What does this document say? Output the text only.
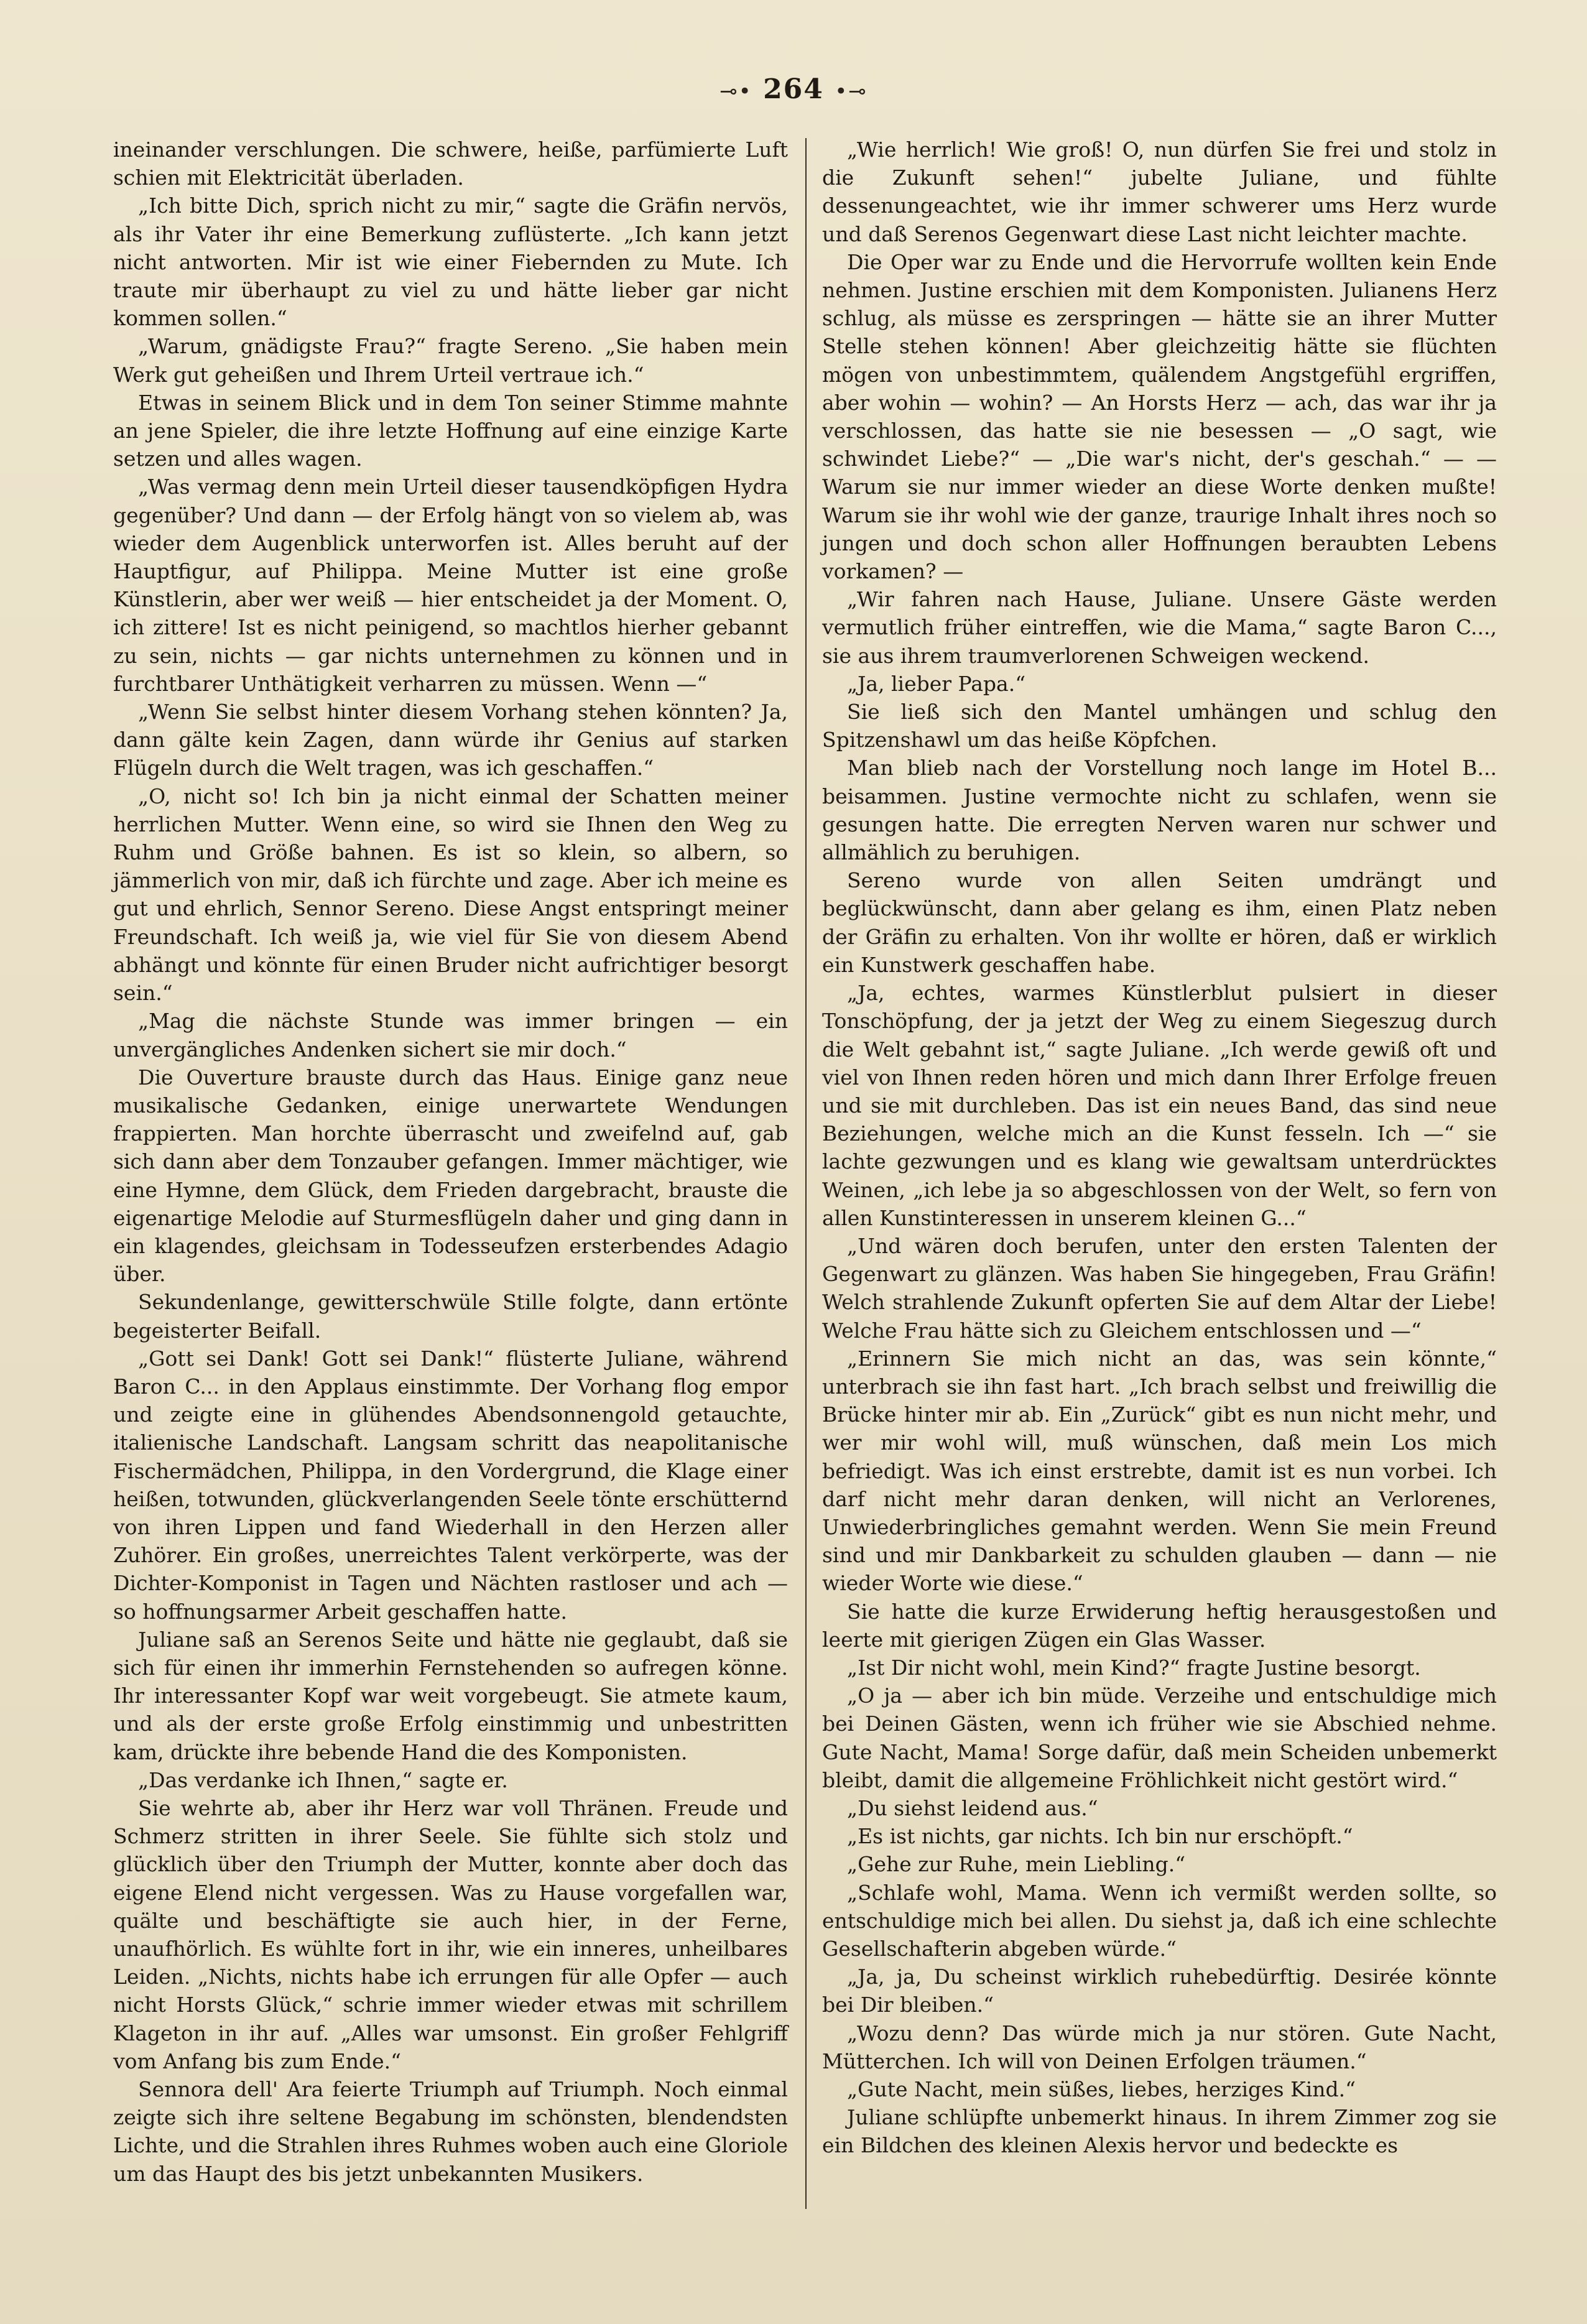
⊸• 264 •⊸

ineinander verschlungen. Die schwere, heiße, parfümierte Luft schien mit Elektricität überladen.

„Ich bitte Dich, sprich nicht zu mir,“ sagte die Gräfin nervös, als ihr Vater ihr eine Bemerkung zuflüsterte. „Ich kann jetzt nicht antworten. Mir ist wie einer Fiebernden zu Mute. Ich traute mir überhaupt zu viel zu und hätte lieber gar nicht kommen sollen.“

„Warum, gnädigste Frau?“ fragte Sereno. „Sie haben mein Werk gut geheißen und Ihrem Urteil vertraue ich.“

Etwas in seinem Blick und in dem Ton seiner Stimme mahnte an jene Spieler, die ihre letzte Hoffnung auf eine einzige Karte setzen und alles wagen.

„Was vermag denn mein Urteil dieser tausendköpfigen Hydra gegenüber? Und dann — der Erfolg hängt von so vielem ab, was wieder dem Augenblick unterworfen ist. Alles beruht auf der Hauptfigur, auf Philippa. Meine Mutter ist eine große Künstlerin, aber wer weiß — hier entscheidet ja der Moment. O, ich zittere! Ist es nicht peinigend, so machtlos hierher gebannt zu sein, nichts — gar nichts unternehmen zu können und in furchtbarer Unthätigkeit verharren zu müssen. Wenn —“

„Wenn Sie selbst hinter diesem Vorhang stehen könnten? Ja, dann gälte kein Zagen, dann würde ihr Genius auf starken Flügeln durch die Welt tragen, was ich geschaffen.“

„O, nicht so! Ich bin ja nicht einmal der Schatten meiner herrlichen Mutter. Wenn eine, so wird sie Ihnen den Weg zu Ruhm und Größe bahnen. Es ist so klein, so albern, so jämmerlich von mir, daß ich fürchte und zage. Aber ich meine es gut und ehrlich, Sennor Sereno. Diese Angst entspringt meiner Freundschaft. Ich weiß ja, wie viel für Sie von diesem Abend abhängt und könnte für einen Bruder nicht aufrichtiger besorgt sein.“

„Mag die nächste Stunde was immer bringen — ein unvergängliches Andenken sichert sie mir doch.“

Die Ouverture brauste durch das Haus. Einige ganz neue musikalische Gedanken, einige unerwartete Wendungen frappierten. Man horchte überrascht und zweifelnd auf, gab sich dann aber dem Tonzauber gefangen. Immer mächtiger, wie eine Hymne, dem Glück, dem Frieden dargebracht, brauste die eigenartige Melodie auf Sturmesflügeln daher und ging dann in ein klagendes, gleichsam in Todesseufzen ersterbendes Adagio über.

Sekundenlange, gewitterschwüle Stille folgte, dann ertönte begeisterter Beifall.

„Gott sei Dank! Gott sei Dank!“ flüsterte Juliane, während Baron C... in den Applaus einstimmte. Der Vorhang flog empor und zeigte eine in glühendes Abendsonnengold getauchte, italienische Landschaft. Langsam schritt das neapolitanische Fischermädchen, Philippa, in den Vordergrund, die Klage einer heißen, totwunden, glückverlangenden Seele tönte erschütternd von ihren Lippen und fand Wiederhall in den Herzen aller Zuhörer. Ein großes, unerreichtes Talent verkörperte, was der Dichter-Komponist in Tagen und Nächten rastloser und ach — so hoffnungsarmer Arbeit geschaffen hatte.

Juliane saß an Serenos Seite und hätte nie geglaubt, daß sie sich für einen ihr immerhin Fernstehenden so aufregen könne. Ihr interessanter Kopf war weit vorgebeugt. Sie atmete kaum, und als der erste große Erfolg einstimmig und unbestritten kam, drückte ihre bebende Hand die des Komponisten.

„Das verdanke ich Ihnen,“ sagte er.

Sie wehrte ab, aber ihr Herz war voll Thränen. Freude und Schmerz stritten in ihrer Seele. Sie fühlte sich stolz und glücklich über den Triumph der Mutter, konnte aber doch das eigene Elend nicht vergessen. Was zu Hause vorgefallen war, quälte und beschäftigte sie auch hier, in der Ferne, unaufhörlich. Es wühlte fort in ihr, wie ein inneres, unheilbares Leiden. „Nichts, nichts habe ich errungen für alle Opfer — auch nicht Horsts Glück,“ schrie immer wieder etwas mit schrillem Klageton in ihr auf. „Alles war umsonst. Ein großer Fehlgriff vom Anfang bis zum Ende.“

Sennora dell' Ara feierte Triumph auf Triumph. Noch einmal zeigte sich ihre seltene Begabung im schönsten, blendendsten Lichte, und die Strahlen ihres Ruhmes woben auch eine Gloriole um das Haupt des bis jetzt unbekannten Musikers.

„Wie herrlich! Wie groß! O, nun dürfen Sie frei und stolz in die Zukunft sehen!“ jubelte Juliane, und fühlte dessenungeachtet, wie ihr immer schwerer ums Herz wurde und daß Serenos Gegenwart diese Last nicht leichter machte.

Die Oper war zu Ende und die Hervorrufe wollten kein Ende nehmen. Justine erschien mit dem Komponisten. Julianens Herz schlug, als müsse es zerspringen — hätte sie an ihrer Mutter Stelle stehen können! Aber gleichzeitig hätte sie flüchten mögen von unbestimmtem, quälendem Angstgefühl ergriffen, aber wohin — wohin? — An Horsts Herz — ach, das war ihr ja verschlossen, das hatte sie nie besessen — „O sagt, wie schwindet Liebe?“ — „Die war's nicht, der's geschah.“ — — Warum sie nur immer wieder an diese Worte denken mußte! Warum sie ihr wohl wie der ganze, traurige Inhalt ihres noch so jungen und doch schon aller Hoffnungen beraubten Lebens vorkamen? —

„Wir fahren nach Hause, Juliane. Unsere Gäste werden vermutlich früher eintreffen, wie die Mama,“ sagte Baron C..., sie aus ihrem traumverlorenen Schweigen weckend.

„Ja, lieber Papa.“

Sie ließ sich den Mantel umhängen und schlug den Spitzenshawl um das heiße Köpfchen.

Man blieb nach der Vorstellung noch lange im Hotel B... beisammen. Justine vermochte nicht zu schlafen, wenn sie gesungen hatte. Die erregten Nerven waren nur schwer und allmählich zu beruhigen.

Sereno wurde von allen Seiten umdrängt und beglückwünscht, dann aber gelang es ihm, einen Platz neben der Gräfin zu erhalten. Von ihr wollte er hören, daß er wirklich ein Kunstwerk geschaffen habe.

„Ja, echtes, warmes Künstlerblut pulsiert in dieser Tonschöpfung, der ja jetzt der Weg zu einem Siegeszug durch die Welt gebahnt ist,“ sagte Juliane. „Ich werde gewiß oft und viel von Ihnen reden hören und mich dann Ihrer Erfolge freuen und sie mit durchleben. Das ist ein neues Band, das sind neue Beziehungen, welche mich an die Kunst fesseln. Ich —“ sie lachte gezwungen und es klang wie gewaltsam unterdrücktes Weinen, „ich lebe ja so abgeschlossen von der Welt, so fern von allen Kunstinteressen in unserem kleinen G...“

„Und wären doch berufen, unter den ersten Talenten der Gegenwart zu glänzen. Was haben Sie hingegeben, Frau Gräfin! Welch strahlende Zukunft opferten Sie auf dem Altar der Liebe! Welche Frau hätte sich zu Gleichem entschlossen und —“

„Erinnern Sie mich nicht an das, was sein könnte,“ unterbrach sie ihn fast hart. „Ich brach selbst und freiwillig die Brücke hinter mir ab. Ein „Zurück“ gibt es nun nicht mehr, und wer mir wohl will, muß wünschen, daß mein Los mich befriedigt. Was ich einst erstrebte, damit ist es nun vorbei. Ich darf nicht mehr daran denken, will nicht an Verlorenes, Unwiederbringliches gemahnt werden. Wenn Sie mein Freund sind und mir Dankbarkeit zu schulden glauben — dann — nie wieder Worte wie diese.“

Sie hatte die kurze Erwiderung heftig herausgestoßen und leerte mit gierigen Zügen ein Glas Wasser.

„Ist Dir nicht wohl, mein Kind?“ fragte Justine besorgt.

„O ja — aber ich bin müde. Verzeihe und entschuldige mich bei Deinen Gästen, wenn ich früher wie sie Abschied nehme. Gute Nacht, Mama! Sorge dafür, daß mein Scheiden unbemerkt bleibt, damit die allgemeine Fröhlichkeit nicht gestört wird.“

„Du siehst leidend aus.“

„Es ist nichts, gar nichts. Ich bin nur erschöpft.“

„Gehe zur Ruhe, mein Liebling.“

„Schlafe wohl, Mama. Wenn ich vermißt werden sollte, so entschuldige mich bei allen. Du siehst ja, daß ich eine schlechte Gesellschafterin abgeben würde.“

„Ja, ja, Du scheinst wirklich ruhebedürftig. Desirée könnte bei Dir bleiben.“

„Wozu denn? Das würde mich ja nur stören. Gute Nacht, Mütterchen. Ich will von Deinen Erfolgen träumen.“

„Gute Nacht, mein süßes, liebes, herziges Kind.“

Juliane schlüpfte unbemerkt hinaus. In ihrem Zimmer zog sie ein Bildchen des kleinen Alexis hervor und bedeckte es
